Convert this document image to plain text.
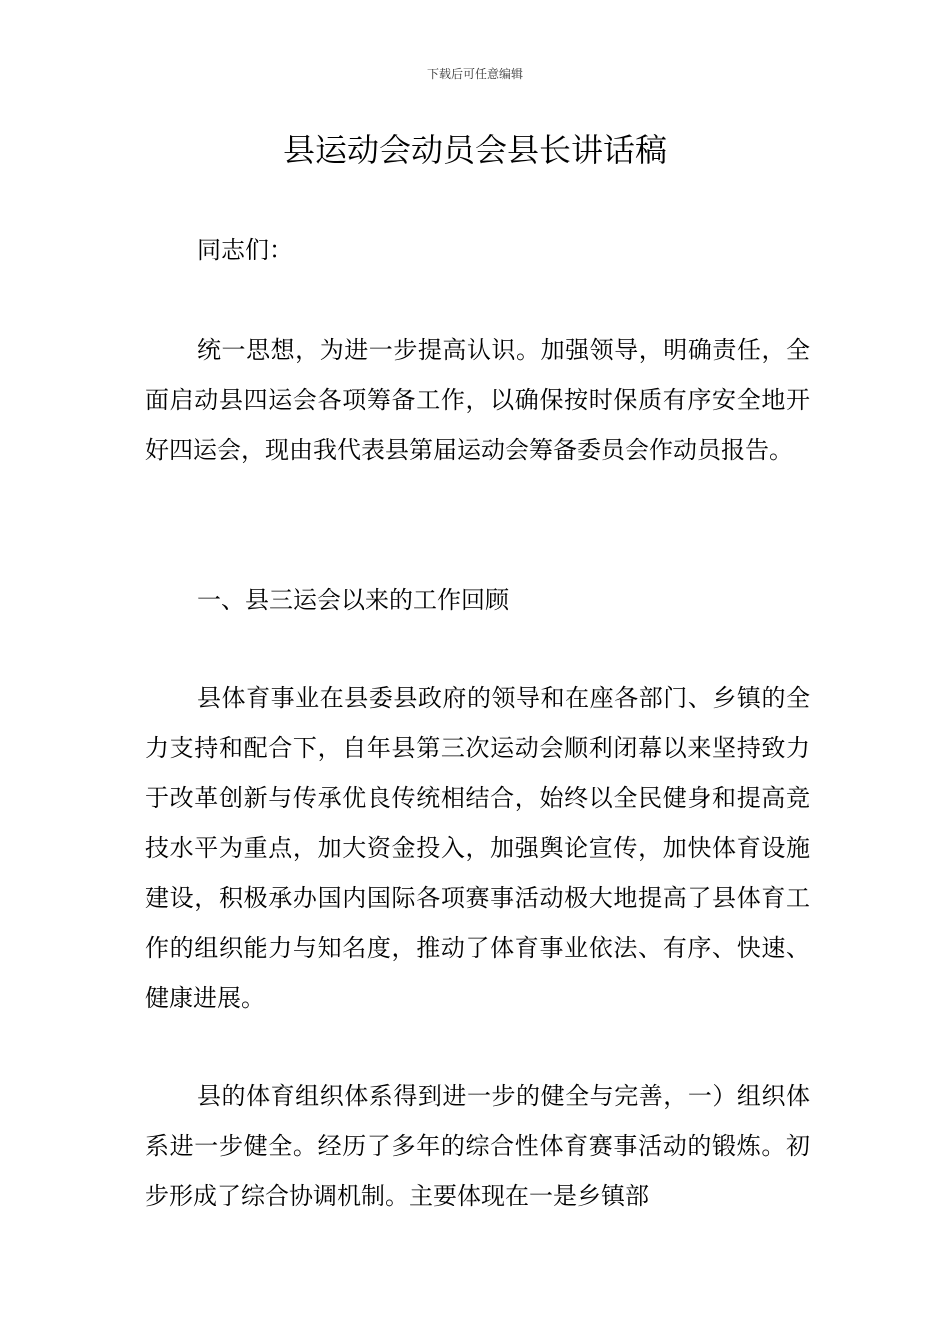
下载后可任意编辑
县运动会动员会县长讲话稿

同志们：

统一思想，为进一步提高认识。加强领导，明确责任，全面启动县四运会各项筹备工作，以确保按时保质有序安全地开好四运会，现由我代表县第届运动会筹备委员会作动员报告。

一、县三运会以来的工作回顾

县体育事业在县委县政府的领导和在座各部门、乡镇的全力支持和配合下，自年县第三次运动会顺利闭幕以来坚持致力于改革创新与传承优良传统相结合，始终以全民健身和提高竞技水平为重点，加大资金投入，加强舆论宣传，加快体育设施建设，积极承办国内国际各项赛事活动极大地提高了县体育工作的组织能力与知名度，推动了体育事业依法、有序、快速、健康进展。

县的体育组织体系得到进一步的健全与完善，一）组织体系进一步健全。经历了多年的综合性体育赛事活动的锻炼。初步形成了综合协调机制。主要体现在一是乡镇部
